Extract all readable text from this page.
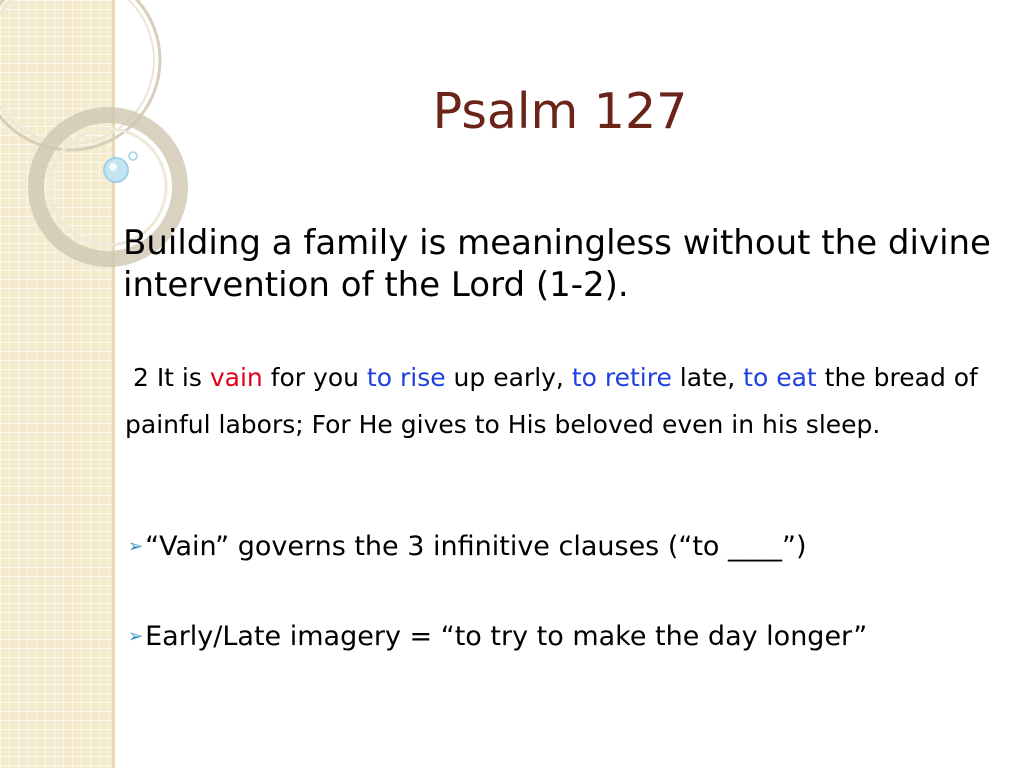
Psalm 127
Building a family is meaningless without the divine intervention of the Lord (1-2).
2 It is vain for you to rise up early, to retire late, to eat the bread of painful labors; For He gives to His beloved even in his sleep.
➢“Vain” governs the 3 infinitive clauses (“to ____”)
➢Early/Late imagery = “to try to make the day longer”
